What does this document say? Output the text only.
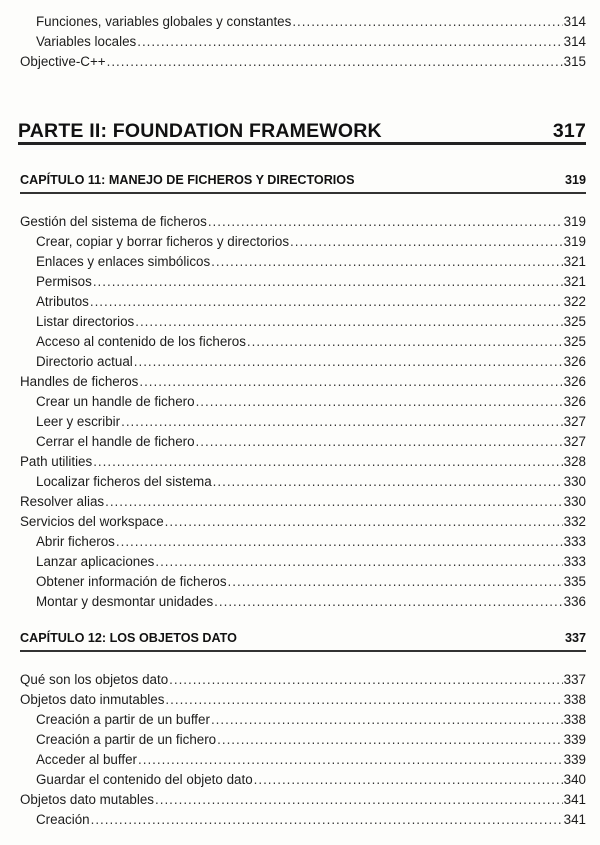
Funciones, variables globales y constantes .....	314
Variables locales .....	314
Objective-C++ .....	315
PARTE II: FOUNDATION FRAMEWORK	317
CAPÍTULO 11: MANEJO DE FICHEROS Y DIRECTORIOS	319
Gestión del sistema de ficheros .....	319
Crear, copiar y borrar ficheros y directorios .....	319
Enlaces y enlaces simbólicos .....	321
Permisos .....	321
Atributos .....	322
Listar directorios .....	325
Acceso al contenido de los ficheros .....	325
Directorio actual .....	326
Handles de ficheros .....	326
Crear un handle de fichero .....	326
Leer y escribir .....	327
Cerrar el handle de fichero .....	327
Path utilities .....	328
Localizar ficheros del sistema .....	330
Resolver alias .....	330
Servicios del workspace .....	332
Abrir ficheros .....	333
Lanzar aplicaciones .....	333
Obtener información de ficheros .....	335
Montar y desmontar unidades .....	336
CAPÍTULO 12: LOS OBJETOS DATO	337
Qué son los objetos dato .....	337
Objetos dato inmutables .....	338
Creación a partir de un buffer .....	338
Creación a partir de un fichero .....	339
Acceder al buffer .....	339
Guardar el contenido del objeto dato .....	340
Objetos dato mutables .....	341
Creación .....	341
